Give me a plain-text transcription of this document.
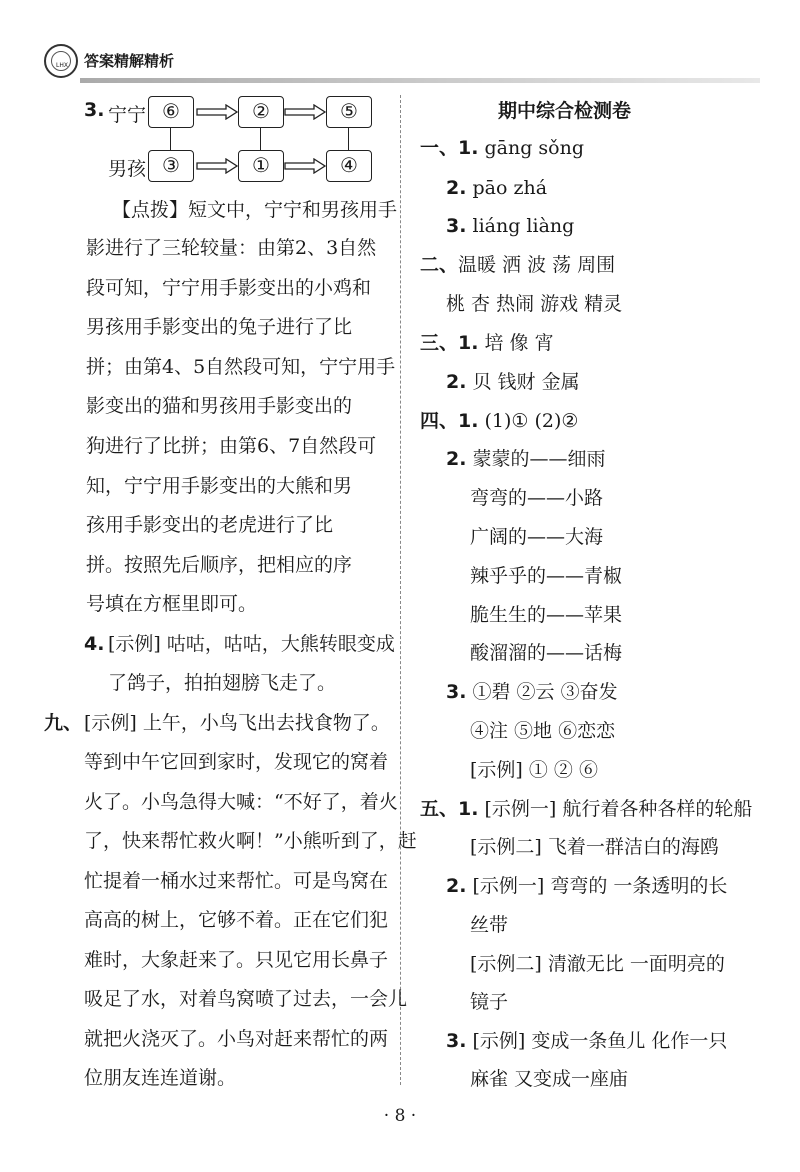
LHX 答案精解精析
3. 宁宁 ⑥	②	⑤
男孩 ③	①	④
【点拨】短文中，宁宁和男孩用手
影进行了三轮较量：由第2、3自然
段可知，宁宁用手影变出的小鸡和
男孩用手影变出的兔子进行了比
拼；由第4、5自然段可知，宁宁用手
影变出的猫和男孩用手影变出的
狗进行了比拼；由第6、7自然段可
知，宁宁用手影变出的大熊和男
孩用手影变出的老虎进行了比
拼。按照先后顺序，把相应的序
号填在方框里即可。
4. [示例] 咕咕，咕咕，大熊转眼变成
了鸽子，拍拍翅膀飞走了。
九、 [示例] 上午，小鸟飞出去找食物了。
等到中午它回到家时，发现它的窝着
火了。小鸟急得大喊：“不好了，着火
了，快来帮忙救火啊！”小熊听到了，赶
忙提着一桶水过来帮忙。可是鸟窝在
高高的树上，它够不着。正在它们犯
难时，大象赶来了。只见它用长鼻子
吸足了水，对着鸟窝喷了过去，一会儿
就把火浇灭了。小鸟对赶来帮忙的两
位朋友连连道谢。
期中综合检测卷
一、1. gāng sǒng
2. pāo zhá
3. liáng liàng
二、温暖 洒 波 荡 周围
桃 杏 热闹 游戏 精灵
三、1. 培 像 宵
2. 贝 钱财 金属
四、1. (1)① (2)②
2. 蒙蒙的——细雨
弯弯的——小路
广阔的——大海
辣乎乎的——青椒
脆生生的——苹果
酸溜溜的——话梅
3. ①碧 ②云 ③奋发
④注 ⑤地 ⑥恋恋
[示例] ① ② ⑥
五、1. [示例一] 航行着各种各样的轮船
[示例二] 飞着一群洁白的海鸥
2. [示例一] 弯弯的 一条透明的长
丝带
[示例二] 清澈无比 一面明亮的
镜子
3. [示例] 变成一条鱼儿 化作一只
麻雀 又变成一座庙
· 8 ·
